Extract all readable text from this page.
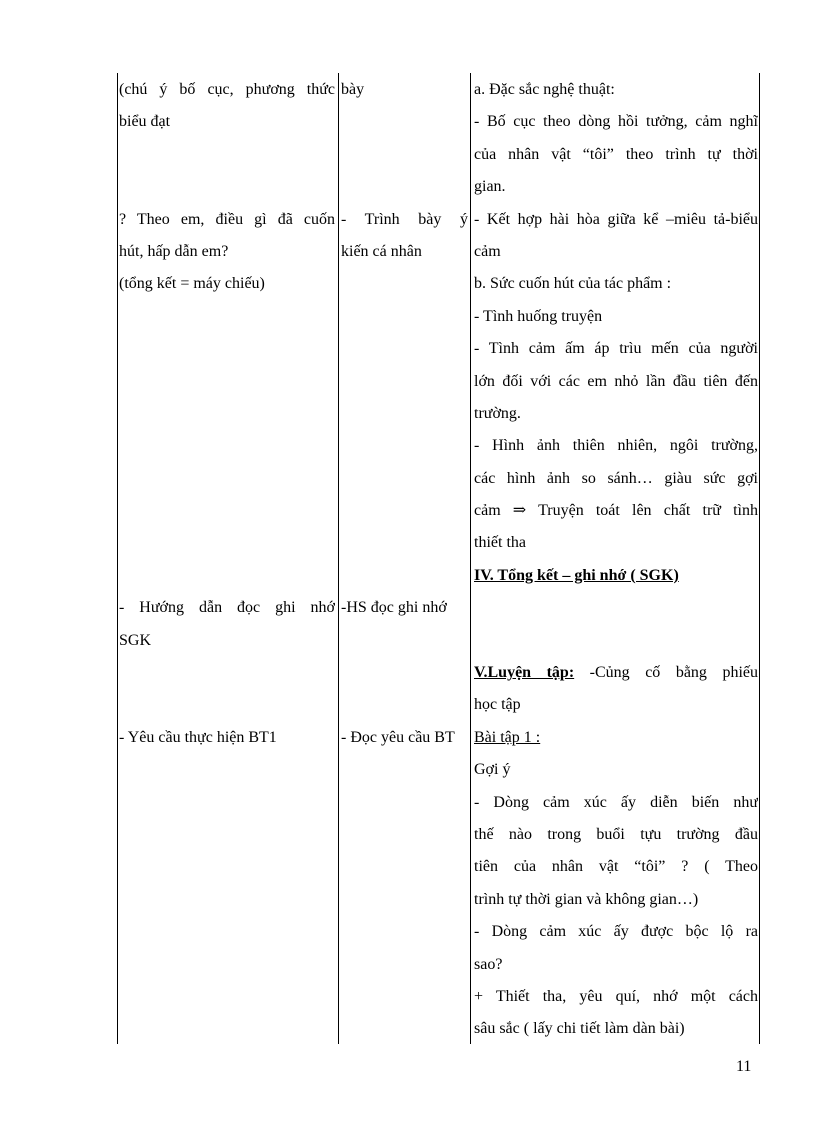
(chú ý bố cục, phương thức
biểu đạt
? Theo em, điều gì đã cuốn
hút, hấp dẫn em?
(tổng kết = máy chiếu)
- Hướng dẫn đọc ghi nhớ
SGK
- Yêu cầu thực hiện BT1
bày
- Trình bày ý
kiến cá nhân
-HS đọc ghi nhớ
- Đọc yêu cầu BT
a. Đặc sắc nghệ thuật:
- Bố cục theo dòng hồi tưởng, cảm nghĩ
của nhân vật “tôi” theo trình tự thời
gian.
- Kết hợp hài hòa giữa kể –miêu tả-biểu
cảm
b. Sức cuốn hút của tác phẩm :
- Tình huống truyện
- Tình cảm ấm áp trìu mến của người
lớn đối với các em nhỏ lần đầu tiên đến
trường.
- Hình ảnh thiên nhiên, ngôi trường,
các hình ảnh so sánh… giàu sức gợi
cảm ⇒ Truyện toát lên chất trữ tình
thiết tha
IV. Tổng kết – ghi nhớ ( SGK)
V.Luyện tập: -Củng cố bằng phiếu
học tập
Bài tập 1 :
Gợi ý
- Dòng cảm xúc ấy diễn biến như
thế nào trong buổi tựu trường đầu
tiên của nhân vật “tôi” ? ( Theo
trình tự thời gian và không gian…)
- Dòng cảm xúc ấy được bộc lộ ra
sao?
+ Thiết tha, yêu quí, nhớ một cách
sâu sắc ( lấy chi tiết làm dàn bài)
11
